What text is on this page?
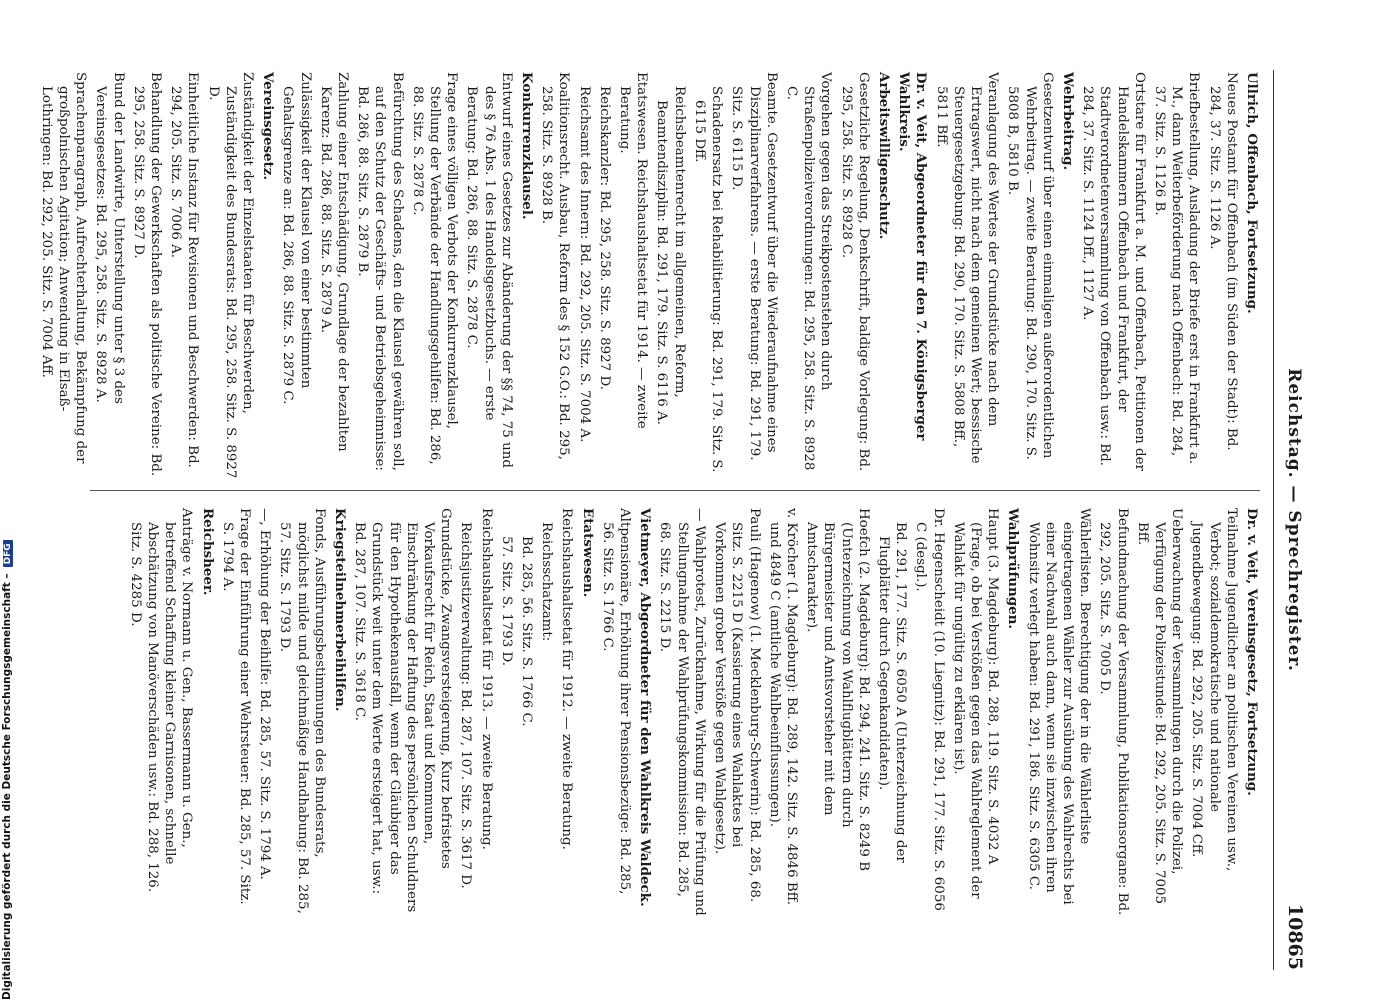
Reichstag. — Sprechregister.
10865
Ullrich, Offenbach, Fortsetzung.
Neues Postamt für Offenbach (im Süden der Stadt): Bd. 284, 37. Sitz. S. 1126 A.
Briefbestellung, Ausladung der Briefe erst in Frankfurt a. M., dann Weiterbeförderung nach Offenbach: Bd. 284, 37. Sitz. S. 1126 B.
Ortstare für Frankfurt a. M. und Offenbach, Petitionen der Handelskammern Offenbach und Frankfurt, der Stadtverordnetenversammlung von Offenbach usw.: Bd. 284, 37. Sitz. S. 1124 Dff., 1127 A.
Wehrbeitrag.
Gesetzentwurf über einen einmaligen außerordentlichen Wehrbeitrag. — zweite Beratung: Bd. 290, 170. Sitz. S. 5808 B, 5810 B.
Veranlagung des Wertes der Grundstücke nach dem Ertragswert, nicht nach dem gemeinen Wert; bessische Steuergesetzgebung: Bd. 290, 170. Sitz. S. 5808 Bff., 5811 Bff.
Dr. v. Veit, Abgeordneter für den 7. Königsberger Wahlkreis.
Arbeitswilligenschutz.
Gesetzliche Regelung, Denkschrift, baldige Vorlegung: Bd. 295, 258. Sitz. S. 8928 C.
Vorgehen gegen das Streikpostenstehen durch Straßenpolizeiverordnungen: Bd. 295, 258. Sitz. S. 8928 C.
Beamte. Gesetzentwurf über die Wiederaufnahme eines Disziplinarverfahrens. — erste Beratung: Bd. 291, 179. Sitz. S. 6115 D.
Schadenersatz bei Rehabilitierung: Bd. 291, 179. Sitz. S. 6115 Dff.
Reichsbeamtenrecht im allgemeinen, Reform, Beamtendisziplin: Bd. 291, 179. Sitz. S. 6116 A.
Etatswesen. Reichshaushaltsetat für 1914. — zweite Beratung.
Reichskanzler: Bd. 295, 258. Sitz. S. 8927 D.
Reichsamt des Innern: Bd. 292, 205. Sitz. S. 7004 A.
Koalitionsrecht. Ausbau, Reform des § 152 G.O.: Bd. 295, 258. Sitz. S. 8928 B.
Konkurrenzklausel.
Entwurf eines Gesetzes zur Abänderung der §§ 74, 75 und des § 76 Abs. 1 des Handelsgesetzbuchs. — erste Beratung: Bd. 286, 88. Sitz. S. 2878 C.
Frage eines völligen Verbots der Konkurrenzklausel, Stellung der Verbände der Handlungsgehilfen: Bd. 286, 88. Sitz. S. 2878 C.
Befürchtung des Schadens, den die Klausel gewähren soll, auf den Schutz der Geschäfts- und Betriebsgeheimnisse: Bd. 286, 88. Sitz. S. 2879 B.
Zahlung einer Entschädigung, Grundlage der bezahlten Karenz: Bd. 286, 88. Sitz. S. 2879 A.
Zulässigkeit der Klausel von einer bestimmten Gehaltsgrenze an: Bd. 286, 88. Sitz. S. 2879 C.
Vereinsgesetz.
Zuständigkeit der Einzelstaaten für Beschwerden, Zuständigkeit des Bundesrats: Bd. 295, 258. Sitz. S. 8927 D.
Einheitliche Instanz für Revisionen und Beschwerden: Bd. 294, 205. Sitz. S. 7006 A.
Behandlung der Gewerkschaften als politische Vereine: Bd. 295, 258. Sitz. S. 8927 D.
Bund der Landwirte, Unterstellung unter § 3 des Vereinsgesetzes: Bd. 295, 258. Sitz. S. 8928 A.
Sprachenparagraph, Aufrechterhaltung, Bekämpfung der großpolnischen Agitation; Anwendung in Elsaß-Lothringen: Bd. 292, 205. Sitz. S. 7004 Aff.
Dr. v. Veit, Vereinsgesetz, Fortsetzung.
Teilnahme Jugendlicher an politischen Vereinen usw., Verbot; sozialdemokratische und nationale Jugendbewegung: Bd. 292, 205. Sitz. S. 7004 Cff.
Ueberwachung der Versammlungen durch die Polizei, Verfügung der Polizeistunde: Bd. 292, 205. Sitz. S. 7005 Bff.
Befundmachung der Versammlung, Publikationsorgane: Bd. 292, 205. Sitz. S. 7005 D.
Wählerlisten. Berechtigung der in die Wählerliste eingetragenen Wähler zur Ausübung des Wahlrechts bei einer Nachwahl auch dann, wenn sie inzwischen ihren Wohnsitz verlegt haben: Bd. 291, 186. Sitz. S. 6305 C.
Wahlprüfungen.
Haupt (3. Magdeburg): Bd. 288, 119. Sitz. S. 4032 A (Frage, ob bei Verstößen gegen das Wahlreglement der Wahlakt für ungültig zu erklären ist).
Dr. Hegenscheidt (10. Liegnitz): Bd. 291, 177. Sitz. S. 6056 C (desgl.).
Bd. 291, 177. Sitz. S. 6050 A (Unterzeichnung der Flugblätter durch Gegenkandidaten).
Hoefch (2. Magdeburg): Bd. 294, 241. Sitz. S. 8249 B (Unterzeichnung von Wahlflugblättern durch Bürgermeister und Amtsvorsteher mit dem Amtscharakter).
v. Kröcher (1. Magdeburg): Bd. 289, 142. Sitz. S. 4846 Bff. und 4849 C (amtliche Wahlbeeinflussungen).
Pauli (Hagenow) (1. Mecklenburg-Schwerin): Bd. 285, 68. Sitz. S. 2215 D (Kassierung eines Wahlaktes bei Vorkommen grober Verstöße gegen Wahlgesetz).
— Wahlprotest, Zurücknahme, Wirkung für die Prüfung und Stellungnahme der Wahlprüfungskommission: Bd. 285, 68. Sitz. S. 2215 D.
Vietmeyer, Abgeordneter für den Wahlkreis Waldeck.
Altpensionäre, Erhöhung ihrer Pensionsbezüge: Bd. 285, 56. Sitz. S. 1766 C.
Etatswesen.
Reichshaushaltsetat für 1912. — zweite Beratung.
Reichsschatzamt:
Bd. 285, 56. Sitz. S. 1766 C.
57. Sitz. S. 1793 D.
Reichshaushaltsetat für 1913. — zweite Beratung.
Reichsjustizverwaltung: Bd. 287, 107. Sitz. S. 3617 D.
Grundstücke, Zwangsversteigerung, Kurz befristetes Vorkaufsrecht für Reich, Staat und Kommunen, Einschränkung der Haftung des persönlichen Schuldners für den Hypothekenausfall, wenn der Gläubiger das Grundstück weit unter dem Werte ersteigert hat, usw.: Bd. 287, 107. Sitz. S. 3618 C.
Kriegsteilnehmerbeihilfen.
Fonds, Ausführungsbestimmungen des Bundesrats, möglichst milde und gleichmäßige Handhabung: Bd. 285, 57. Sitz. S. 1793 D.
—, Erhöhung der Beihilfe: Bd. 285, 57. Sitz. S. 1794 A.
Frage der Einführung einer Wehrsteuer: Bd. 285, 57. Sitz. S. 1794 A.
Reichsheer.
Anträge v. Normann u. Gen., Bassermann u. Gen., betreffend Schaffung kleiner Garnisonen, schnelle Abschätzung von Manöverschäden usw.: Bd. 288, 126. Sitz. S. 4285 D.
Digitalisierung gefördert durch die Deutsche Forschungsgemeinschaft –DFG
